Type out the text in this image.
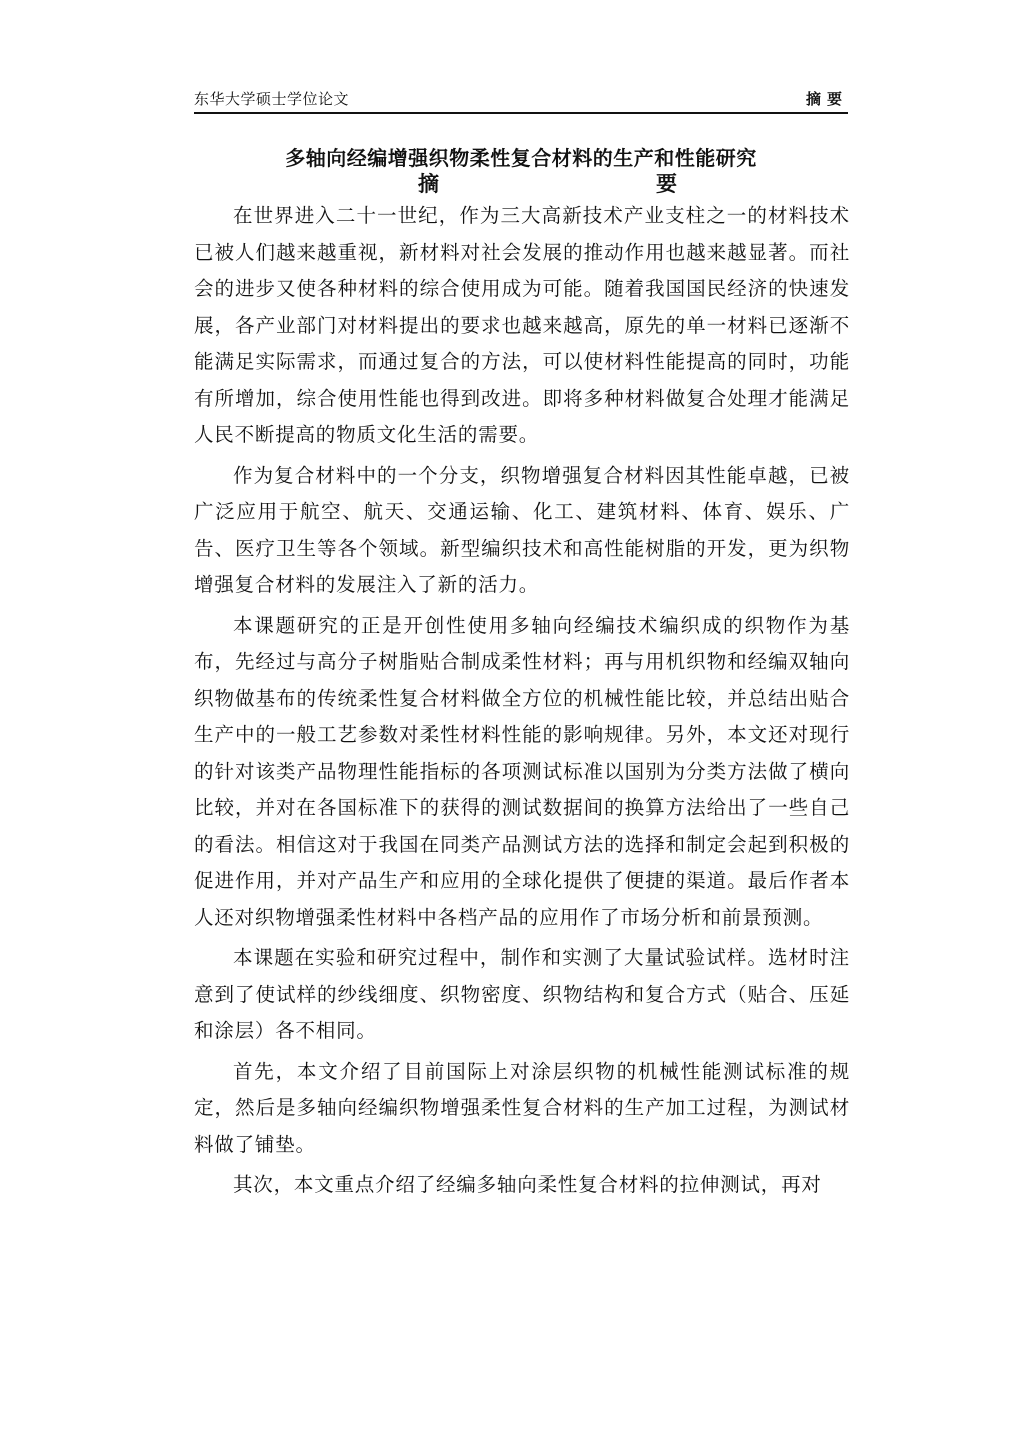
东华大学硕士学位论文	摘要
多轴向经编增强织物柔性复合材料的生产和性能研究
摘	要

在世界进入二十一世纪，作为三大高新技术产业支柱之一的材料技术已被人们越来越重视，新材料对社会发展的推动作用也越来越显著。而社会的进步又使各种材料的综合使用成为可能。随着我国国民经济的快速发展，各产业部门对材料提出的要求也越来越高，原先的单一材料已逐渐不能满足实际需求，而通过复合的方法，可以使材料性能提高的同时，功能有所增加，综合使用性能也得到改进。即将多种材料做复合处理才能满足人民不断提高的物质文化生活的需要。

作为复合材料中的一个分支，织物增强复合材料因其性能卓越，已被广泛应用于航空、航天、交通运输、化工、建筑材料、体育、娱乐、广告、医疗卫生等各个领域。新型编织技术和高性能树脂的开发，更为织物增强复合材料的发展注入了新的活力。

本课题研究的正是开创性使用多轴向经编技术编织成的织物作为基布，先经过与高分子树脂贴合制成柔性材料；再与用机织物和经编双轴向织物做基布的传统柔性复合材料做全方位的机械性能比较，并总结出贴合生产中的一般工艺参数对柔性材料性能的影响规律。另外，本文还对现行的针对该类产品物理性能指标的各项测试标准以国别为分类方法做了横向比较，并对在各国标准下的获得的测试数据间的换算方法给出了一些自己的看法。相信这对于我国在同类产品测试方法的选择和制定会起到积极的促进作用，并对产品生产和应用的全球化提供了便捷的渠道。最后作者本人还对织物增强柔性材料中各档产品的应用作了市场分析和前景预测。

本课题在实验和研究过程中，制作和实测了大量试验试样。选材时注意到了使试样的纱线细度、织物密度、织物结构和复合方式（贴合、压延和涂层）各不相同。

首先，本文介绍了目前国际上对涂层织物的机械性能测试标准的规定，然后是多轴向经编织物增强柔性复合材料的生产加工过程，为测试材料做了铺垫。

其次，本文重点介绍了经编多轴向柔性复合材料的拉伸测试，再对
